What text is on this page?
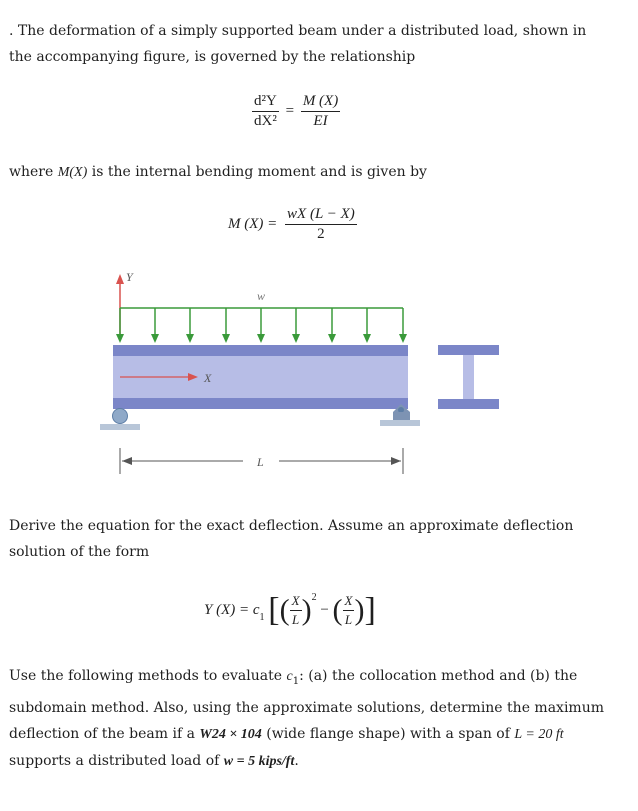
. The deformation of a simply supported beam under a distributed load, shown in the accompanying figure, is governed by the relationship
$\frac{\text{d²Y}}{\text{dX²}} = \frac{M (X)}{EI}$
where M(X) is the internal bending moment and is given by
M $(X) = \frac{wX (L - X)}{2}$
Y
w
X
L
Derive the equation for the exact deflection. Assume an approximate deflection solution of the form
Y $(X) = c_1$ [( $\frac{X}{L} )^2$ − ( $\frac{X}{L}$ )]
Use the following methods to evaluate $c_1$: (a) the collocation method and (b) the subdomain method. Also, using the approximate solutions, determine the maximum deflection of the beam if a W24 × 104 (wide flange shape) with a span of L = 20 ft supports a distributed load of w = 5 kips/ft.
